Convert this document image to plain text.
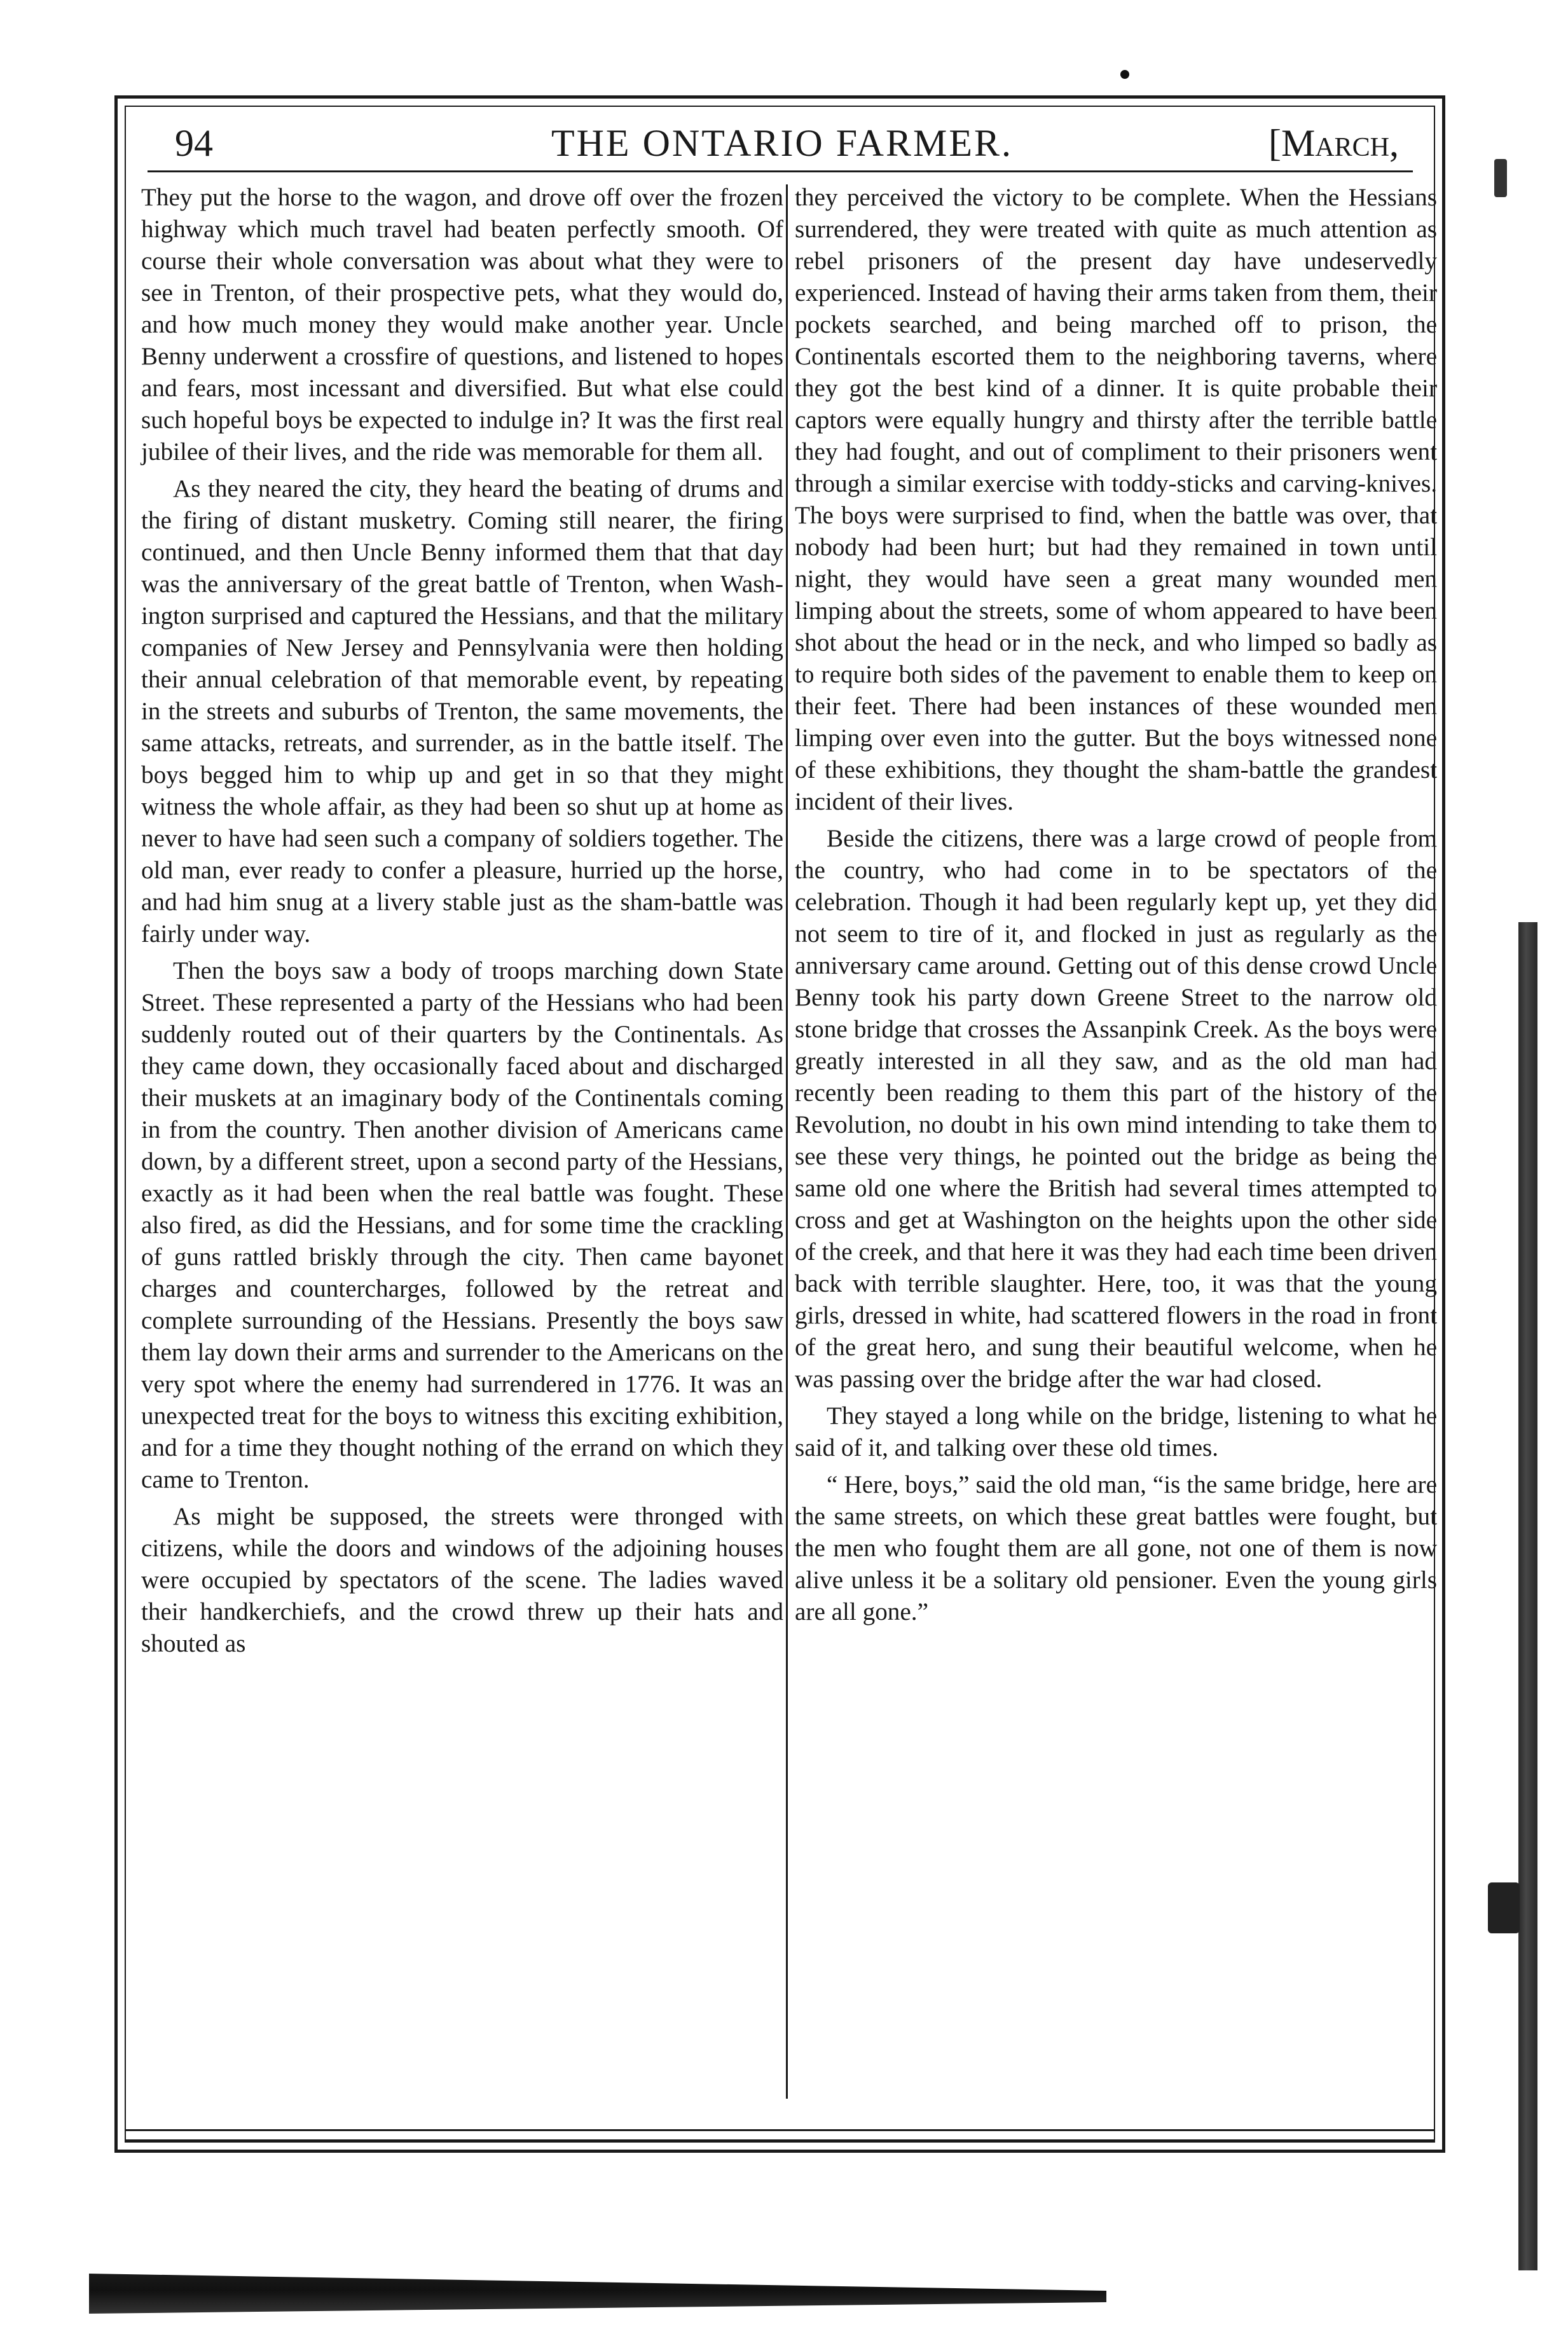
94	THE ONTARIO FARMER.	[March,

They put the horse to the wagon, and drove off over the frozen highway which much travel had beaten perfectly smooth. Of course their whole conversation was about what they were to see in Trenton, of their prospective pets, what they would do, and how much money they would make another year. Uncle Benny underwent a crossfire of questions, and listened to hopes and fears, most incessant and diversified. But what else could such hopeful boys be expected to indulge in? It was the first real jubilee of their lives, and the ride was memorable for them all.

As they neared the city, they heard the beating of drums and the firing of distant musketry. Coming still nearer, the firing continued, and then Uncle Benny informed them that that day was the anniversary of the great battle of Trenton, when Washington surprised and captured the Hessians, and that the military companies of New Jersey and Pennsylvania were then holding their annual celebration of that memorable event, by repeating in the streets and suburbs of Trenton, the same movements, the same attacks, retreats, and surrender, as in the battle itself. The boys begged him to whip up and get in so that they might witness the whole affair, as they had been so shut up at home as never to have had seen such a company of soldiers together. The old man, ever ready to confer a pleasure, hurried up the horse, and had him snug at a livery stable just as the sham-battle was fairly under way.

Then the boys saw a body of troops marching down State Street. These represented a party of the Hessians who had been suddenly routed out of their quarters by the Continentals. As they came down, they occasionally faced about and discharged their muskets at an imaginary body of the Continentals coming in from the country. Then another division of Americans came down, by a different street, upon a second party of the Hessians, exactly as it had been when the real battle was fought. These also fired, as did the Hessians, and for some time the crackling of guns rattled briskly through the city. Then came bayonet charges and countercharges, followed by the retreat and complete surrounding of the Hessians. Presently the boys saw them lay down their arms and surrender to the Americans on the very spot where the enemy had surrendered in 1776. It was an unexpected treat for the boys to witness this exciting exhibition, and for a time they thought nothing of the errand on which they came to Trenton.

As might be supposed, the streets were thronged with citizens, while the doors and windows of the adjoining houses were occupied by spectators of the scene. The ladies waved their handkerchiefs, and the crowd threw up their hats and shouted as

they perceived the victory to be complete. When the Hessians surrendered, they were treated with quite as much attention as rebel prisoners of the present day have undeservedly experienced. Instead of having their arms taken from them, their pockets searched, and being marched off to prison, the Continentals escorted them to the neighboring taverns, where they got the best kind of a dinner. It is quite probable their captors were equally hungry and thirsty after the terrible battle they had fought, and out of compliment to their prisoners went through a similar exercise with toddy-sticks and carving-knives. The boys were surprised to find, when the battle was over, that nobody had been hurt; but had they remained in town until night, they would have seen a great many wounded men limping about the streets, some of whom appeared to have been shot about the head or in the neck, and who limped so badly as to require both sides of the pavement to enable them to keep on their feet. There had been instances of these wounded men limping over even into the gutter. But the boys witnessed none of these exhibitions, they thought the sham-battle the grandest incident of their lives.

Beside the citizens, there was a large crowd of people from the country, who had come in to be spectators of the celebration. Though it had been regularly kept up, yet they did not seem to tire of it, and flocked in just as regularly as the anniversary came around. Getting out of this dense crowd Uncle Benny took his party down Greene Street to the narrow old stone bridge that crosses the Assanpink Creek. As the boys were greatly interested in all they saw, and as the old man had recently been reading to them this part of the history of the Revolution, no doubt in his own mind intending to take them to see these very things, he pointed out the bridge as being the same old one where the British had several times attempted to cross and get at Washington on the heights upon the other side of the creek, and that here it was they had each time been driven back with terrible slaughter. Here, too, it was that the young girls, dressed in white, had scattered flowers in the road in front of the great hero, and sung their beautiful welcome, when he was passing over the bridge after the war had closed.

They stayed a long while on the bridge, listening to what he said of it, and talking over these old times.

“ Here, boys,” said the old man, “is the same bridge, here are the same streets, on which these great battles were fought, but the men who fought them are all gone, not one of them is now alive unless it be a solitary old pensioner. Even the young girls are all gone.”
